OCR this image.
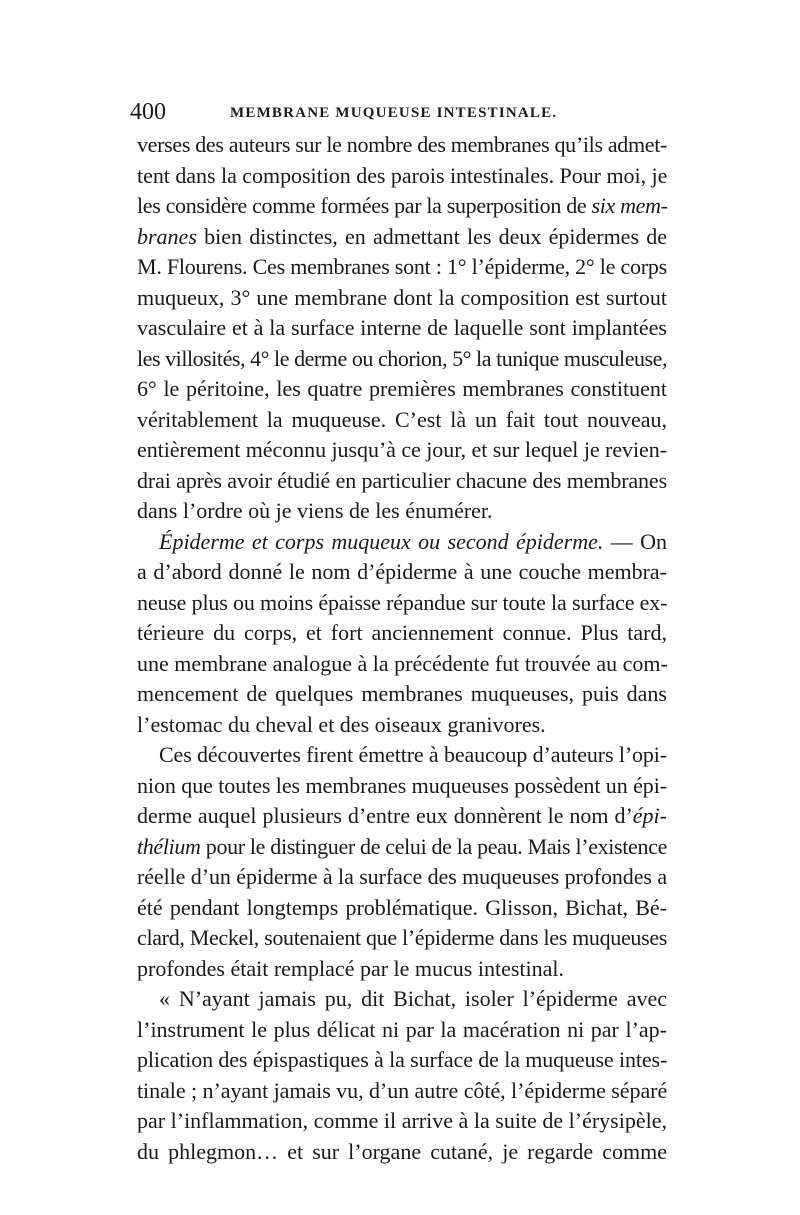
400	MEMBRANE MUQUEUSE INTESTINALE.
verses des auteurs sur le nombre des membranes qu’ils admet-
tent dans la composition des parois intestinales. Pour moi, je
les considère comme formées par la superposition de six mem-
branes bien distinctes, en admettant les deux épidermes de
M. Flourens. Ces membranes sont : 1° l’épiderme, 2° le corps
muqueux, 3° une membrane dont la composition est surtout
vasculaire et à la surface interne de laquelle sont implantées
les villosités, 4° le derme ou chorion, 5° la tunique musculeuse,
6° le péritoine, les quatre premières membranes constituent
véritablement la muqueuse. C’est là un fait tout nouveau,
entièrement méconnu jusqu’à ce jour, et sur lequel je revien-
drai après avoir étudié en particulier chacune des membranes
dans l’ordre où je viens de les énumérer.
Épiderme et corps muqueux ou second épiderme. — On
a d’abord donné le nom d’épiderme à une couche membra-
neuse plus ou moins épaisse répandue sur toute la surface ex-
térieure du corps, et fort anciennement connue. Plus tard,
une membrane analogue à la précédente fut trouvée au com-
mencement de quelques membranes muqueuses, puis dans
l’estomac du cheval et des oiseaux granivores.
Ces découvertes firent émettre à beaucoup d’auteurs l’opi-
nion que toutes les membranes muqueuses possèdent un épi-
derme auquel plusieurs d’entre eux donnèrent le nom d’épi-
thélium pour le distinguer de celui de la peau. Mais l’existence
réelle d’un épiderme à la surface des muqueuses profondes a
été pendant longtemps problématique. Glisson, Bichat, Bé-
clard, Meckel, soutenaient que l’épiderme dans les muqueuses
profondes était remplacé par le mucus intestinal.
« N’ayant jamais pu, dit Bichat, isoler l’épiderme avec
l’instrument le plus délicat ni par la macération ni par l’ap-
plication des épispastiques à la surface de la muqueuse intes-
tinale ; n’ayant jamais vu, d’un autre côté, l’épiderme séparé
par l’inflammation, comme il arrive à la suite de l’érysipèle,
du phlegmon… et sur l’organe cutané, je regarde comme
